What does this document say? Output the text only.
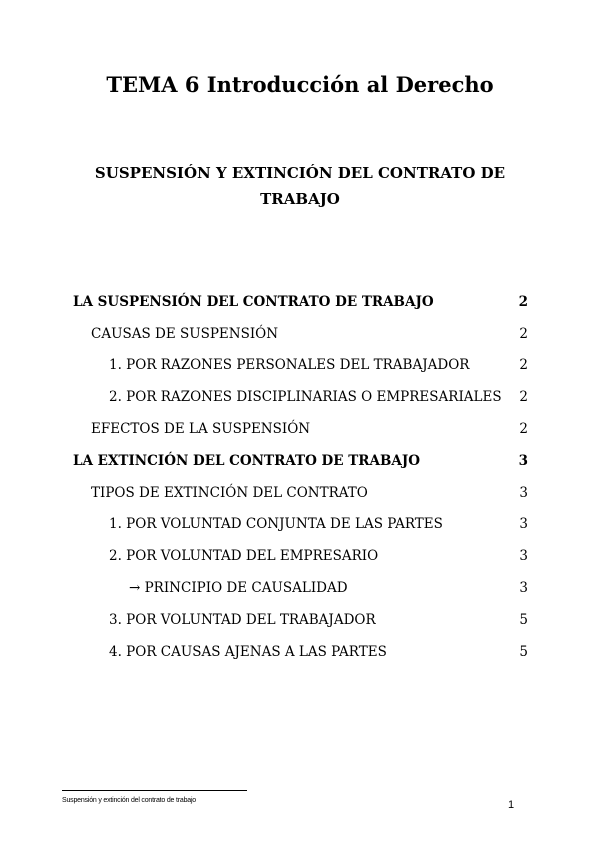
TEMA 6 Introducción al Derecho
SUSPENSIÓN Y EXTINCIÓN DEL CONTRATO DE TRABAJO
LA SUSPENSIÓN DEL CONTRATO DE TRABAJO	2
CAUSAS DE SUSPENSIÓN	2
1. POR RAZONES PERSONALES DEL TRABAJADOR	2
2. POR RAZONES DISCIPLINARIAS O EMPRESARIALES	2
EFECTOS DE LA SUSPENSIÓN	2
LA EXTINCIÓN DEL CONTRATO DE TRABAJO	3
TIPOS DE EXTINCIÓN DEL CONTRATO	3
1. POR VOLUNTAD CONJUNTA DE LAS PARTES	3
2. POR VOLUNTAD DEL EMPRESARIO	3
→ PRINCIPIO DE CAUSALIDAD	3
3. POR VOLUNTAD DEL TRABAJADOR	5
4. POR CAUSAS AJENAS A LAS PARTES	5
Suspensión y extinción del contrato de trabajo	1
